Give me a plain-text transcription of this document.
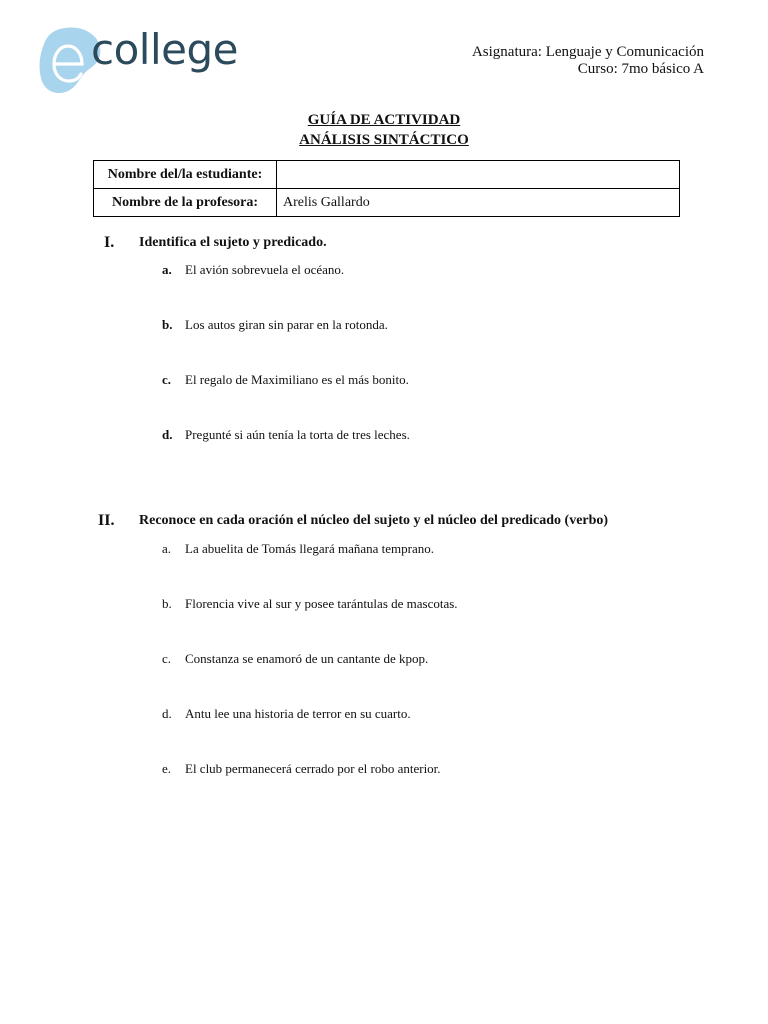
college	Asignatura: Lenguaje y Comunicación
Curso: 7mo básico A
GUÍA DE ACTIVIDAD
ANÁLISIS SINTÁCTICO
Nombre del/la estudiante:	
Nombre de la profesora:	Arelis Gallardo
I. Identifica el sujeto y predicado.
a. El avión sobrevuela el océano.
b. Los autos giran sin parar en la rotonda.
c. El regalo de Maximiliano es el más bonito.
d. Pregunté si aún tenía la torta de tres leches.
II. Reconoce en cada oración el núcleo del sujeto y el núcleo del predicado (verbo)
a. La abuelita de Tomás llegará mañana temprano.
b. Florencia vive al sur y posee tarántulas de mascotas.
c. Constanza se enamoró de un cantante de kpop.
d. Antu lee una historia de terror en su cuarto.
e. El club permanecerá cerrado por el robo anterior.
